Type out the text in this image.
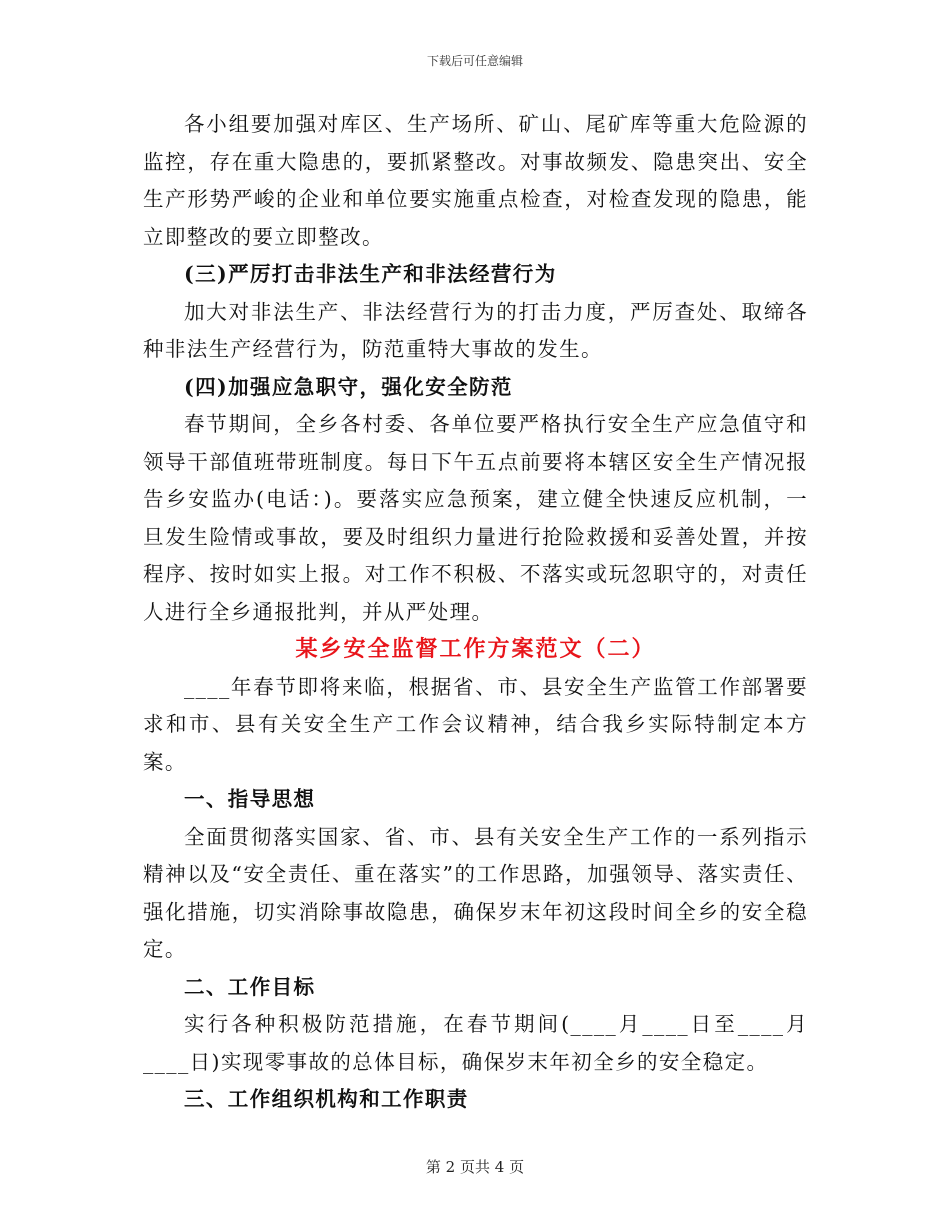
下载后可任意编辑

各小组要加强对库区、生产场所、矿山、尾矿库等重大危险源的监控，存在重大隐患的，要抓紧整改。对事故频发、隐患突出、安全生产形势严峻的企业和单位要实施重点检查，对检查发现的隐患，能立即整改的要立即整改。

(三)严厉打击非法生产和非法经营行为

加大对非法生产、非法经营行为的打击力度，严厉查处、取缔各种非法生产经营行为，防范重特大事故的发生。

(四)加强应急职守，强化安全防范

春节期间，全乡各村委、各单位要严格执行安全生产应急值守和领导干部值班带班制度。每日下午五点前要将本辖区安全生产情况报告乡安监办(电话：)。要落实应急预案，建立健全快速反应机制，一旦发生险情或事故，要及时组织力量进行抢险救援和妥善处置，并按程序、按时如实上报。对工作不积极、不落实或玩忽职守的，对责任人进行全乡通报批判，并从严处理。

某乡安全监督工作方案范文（二）

____年春节即将来临，根据省、市、县安全生产监管工作部署要求和市、县有关安全生产工作会议精神，结合我乡实际特制定本方案。

一、指导思想

全面贯彻落实国家、省、市、县有关安全生产工作的一系列指示精神以及“安全责任、重在落实”的工作思路，加强领导、落实责任、强化措施，切实消除事故隐患，确保岁末年初这段时间全乡的安全稳定。

二、工作目标

实行各种积极防范措施，在春节期间(____月____日至____月____日)实现零事故的总体目标，确保岁末年初全乡的安全稳定。

三、工作组织机构和工作职责

第 2 页共 4 页
